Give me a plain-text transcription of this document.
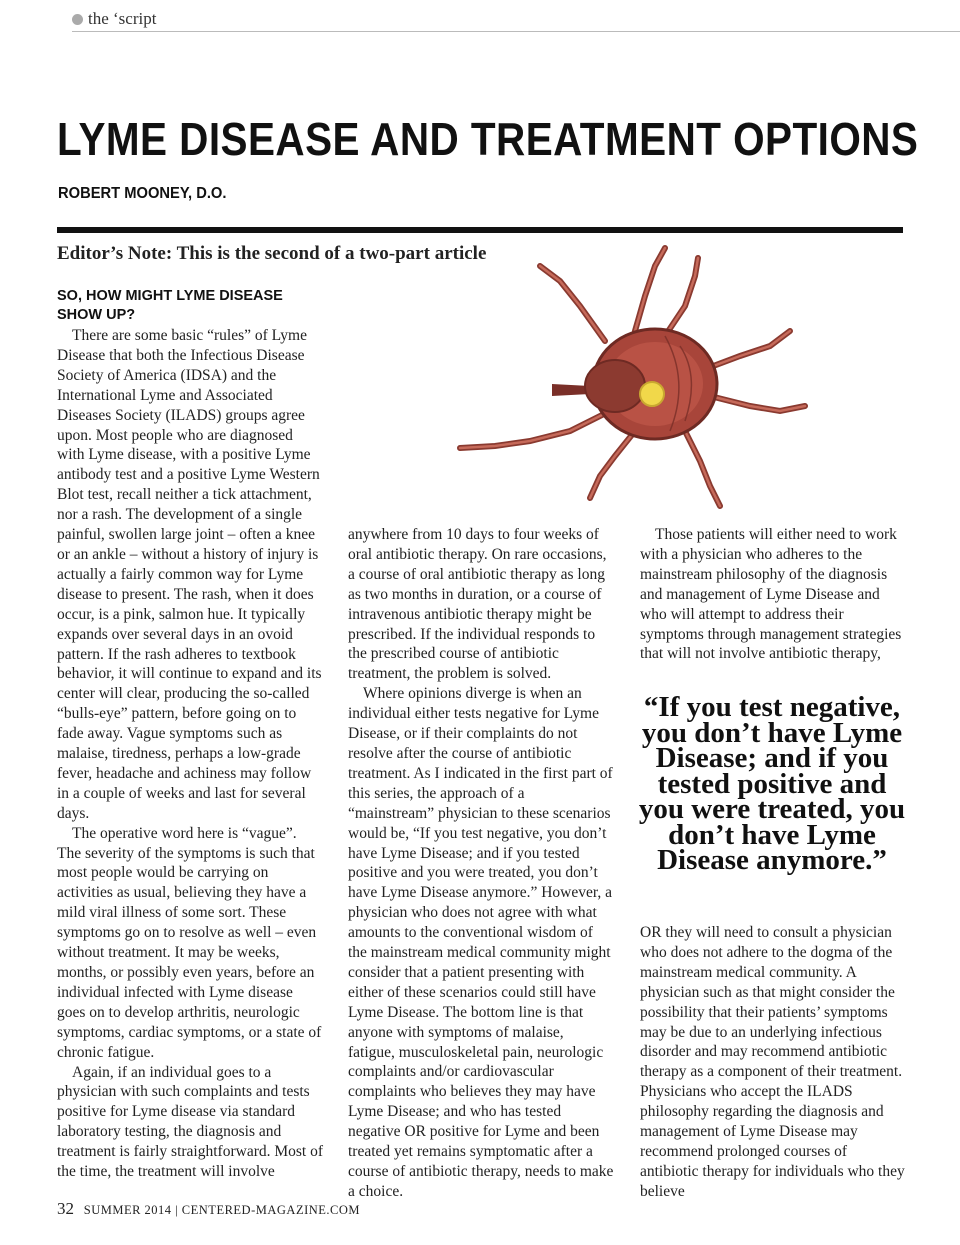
the ‘script
LYME DISEASE AND TREATMENT OPTIONS
ROBERT MOONEY, D.O.
Editor’s Note: This is the second of a two-part article
SO, HOW MIGHT LYME DISEASE SHOW UP?

There are some basic “rules” of Lyme Disease that both the Infectious Disease Society of America (IDSA) and the International Lyme and Associated Diseases Society (ILADS) groups agree upon. Most people who are diagnosed with Lyme disease, with a positive Lyme antibody test and a positive Lyme Western Blot test, recall neither a tick attachment, nor a rash. The development of a single painful, swollen large joint – often a knee or an ankle – without a history of injury is actually a fairly common way for Lyme disease to present. The rash, when it does occur, is a pink, salmon hue. It typically expands over several days in an ovoid pattern. If the rash adheres to textbook behavior, it will continue to expand and its center will clear, producing the so-called “bulls-eye” pattern, before going on to fade away. Vague symptoms such as malaise, tiredness, perhaps a low-grade fever, headache and achiness may follow in a couple of weeks and last for several days.

The operative word here is “vague”. The severity of the symptoms is such that most people would be carrying on activities as usual, believing they have a mild viral illness of some sort. These symptoms go on to resolve as well – even without treatment. It may be weeks, months, or possibly even years, before an individual infected with Lyme disease goes on to develop arthritis, neurologic symptoms, cardiac symptoms, or a state of chronic fatigue.

Again, if an individual goes to a physician with such complaints and tests positive for Lyme disease via standard laboratory testing, the diagnosis and treatment is fairly straightforward. Most of the time, the treatment will involve

anywhere from 10 days to four weeks of oral antibiotic therapy. On rare occasions, a course of oral antibiotic therapy as long as two months in duration, or a course of intravenous antibiotic therapy might be prescribed. If the individual responds to the prescribed course of antibiotic treatment, the problem is solved.

Where opinions diverge is when an individual either tests negative for Lyme Disease, or if their complaints do not resolve after the course of antibiotic treatment. As I indicated in the first part of this series, the approach of a “mainstream” physician to these scenarios would be, “If you test negative, you don’t have Lyme Disease; and if you tested positive and you were treated, you don’t have Lyme Disease anymore.” However, a physician who does not agree with what amounts to the conventional wisdom of the mainstream medical community might consider that a patient presenting with either of these scenarios could still have Lyme Disease. The bottom line is that anyone with symptoms of malaise, fatigue, musculoskeletal pain, neurologic complaints and/or cardiovascular complaints who believes they may have Lyme Disease; and who has tested negative OR positive for Lyme and been treated yet remains symptomatic after a course of antibiotic therapy, needs to make a choice.

Those patients will either need to work with a physician who adheres to the mainstream philosophy of the diagnosis and management of Lyme Disease and who will attempt to address their symptoms through management strategies that will not involve antibiotic therapy,

“If you test negative, you don’t have Lyme Disease; and if you tested positive and you were treated, you don’t have Lyme Disease anymore.”

OR they will need to consult a physician who does not adhere to the dogma of the mainstream medical community. A physician such as that might consider the possibility that their patients’ symptoms may be due to an underlying infectious disorder and may recommend antibiotic therapy as a component of their treatment. Physicians who accept the ILADS philosophy regarding the diagnosis and management of Lyme Disease may recommend prolonged courses of antibiotic therapy for individuals who they believe

32 SUMMER 2014 | CENTERED-MAGAZINE.COM
